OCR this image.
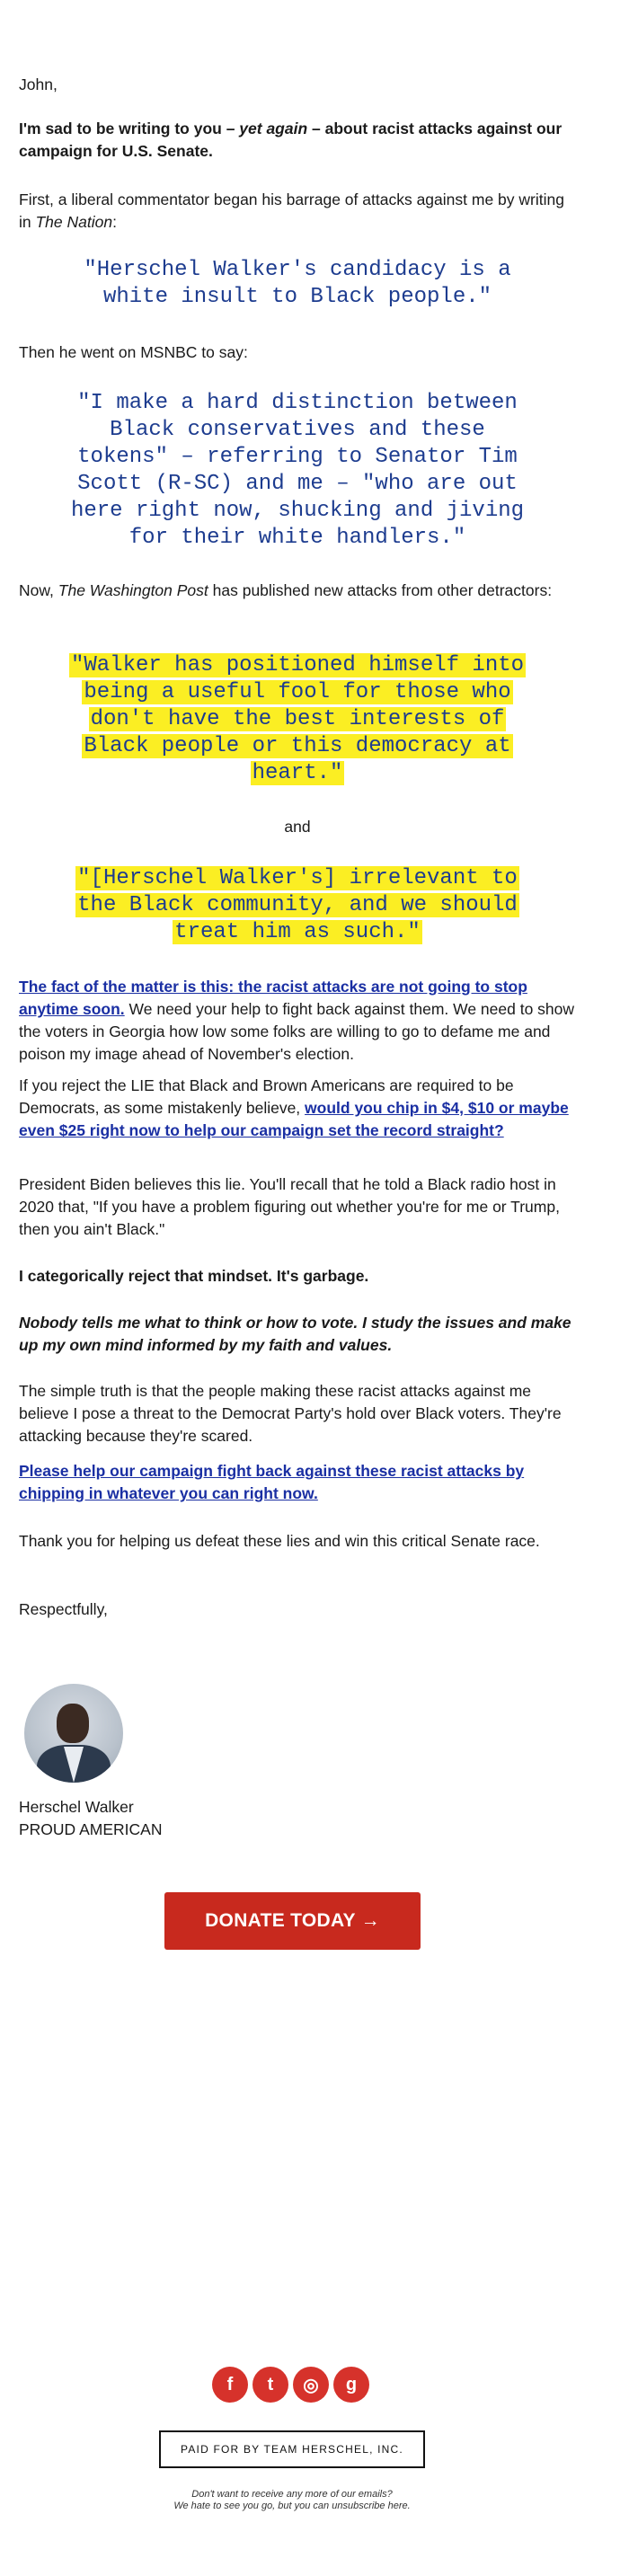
John,
I'm sad to be writing to you – yet again – about racist attacks against our campaign for U.S. Senate.
First, a liberal commentator began his barrage of attacks against me by writing in The Nation:
"Herschel Walker's candidacy is a white insult to Black people."
Then he went on MSNBC to say:
"I make a hard distinction between Black conservatives and these tokens" – referring to Senator Tim Scott (R-SC) and me – "who are out here right now, shucking and jiving for their white handlers."
Now, The Washington Post has published new attacks from other detractors:
"Walker has positioned himself into being a useful fool for those who don't have the best interests of Black people or this democracy at heart."
and
"[Herschel Walker's] irrelevant to the Black community, and we should treat him as such."
The fact of the matter is this: the racist attacks are not going to stop anytime soon. We need your help to fight back against them. We need to show the voters in Georgia how low some folks are willing to go to defame me and poison my image ahead of November's election.
If you reject the LIE that Black and Brown Americans are required to be Democrats, as some mistakenly believe, would you chip in $4, $10 or maybe even $25 right now to help our campaign set the record straight?
President Biden believes this lie. You'll recall that he told a Black radio host in 2020 that, "If you have a problem figuring out whether you're for me or Trump, then you ain't Black."
I categorically reject that mindset. It's garbage.
Nobody tells me what to think or how to vote. I study the issues and make up my own mind informed by my faith and values.
The simple truth is that the people making these racist attacks against me believe I pose a threat to the Democrat Party's hold over Black voters. They're attacking because they're scared.
Please help our campaign fight back against these racist attacks by chipping in whatever you can right now.
Thank you for helping us defeat these lies and win this critical Senate race.
Respectfully,
Herschel Walker
PROUD AMERICAN
DONATE TODAY →
f	t	◎	g
PAID FOR BY TEAM HERSCHEL, INC.
Don't want to receive any more of our emails?
We hate to see you go, but you can unsubscribe here.
